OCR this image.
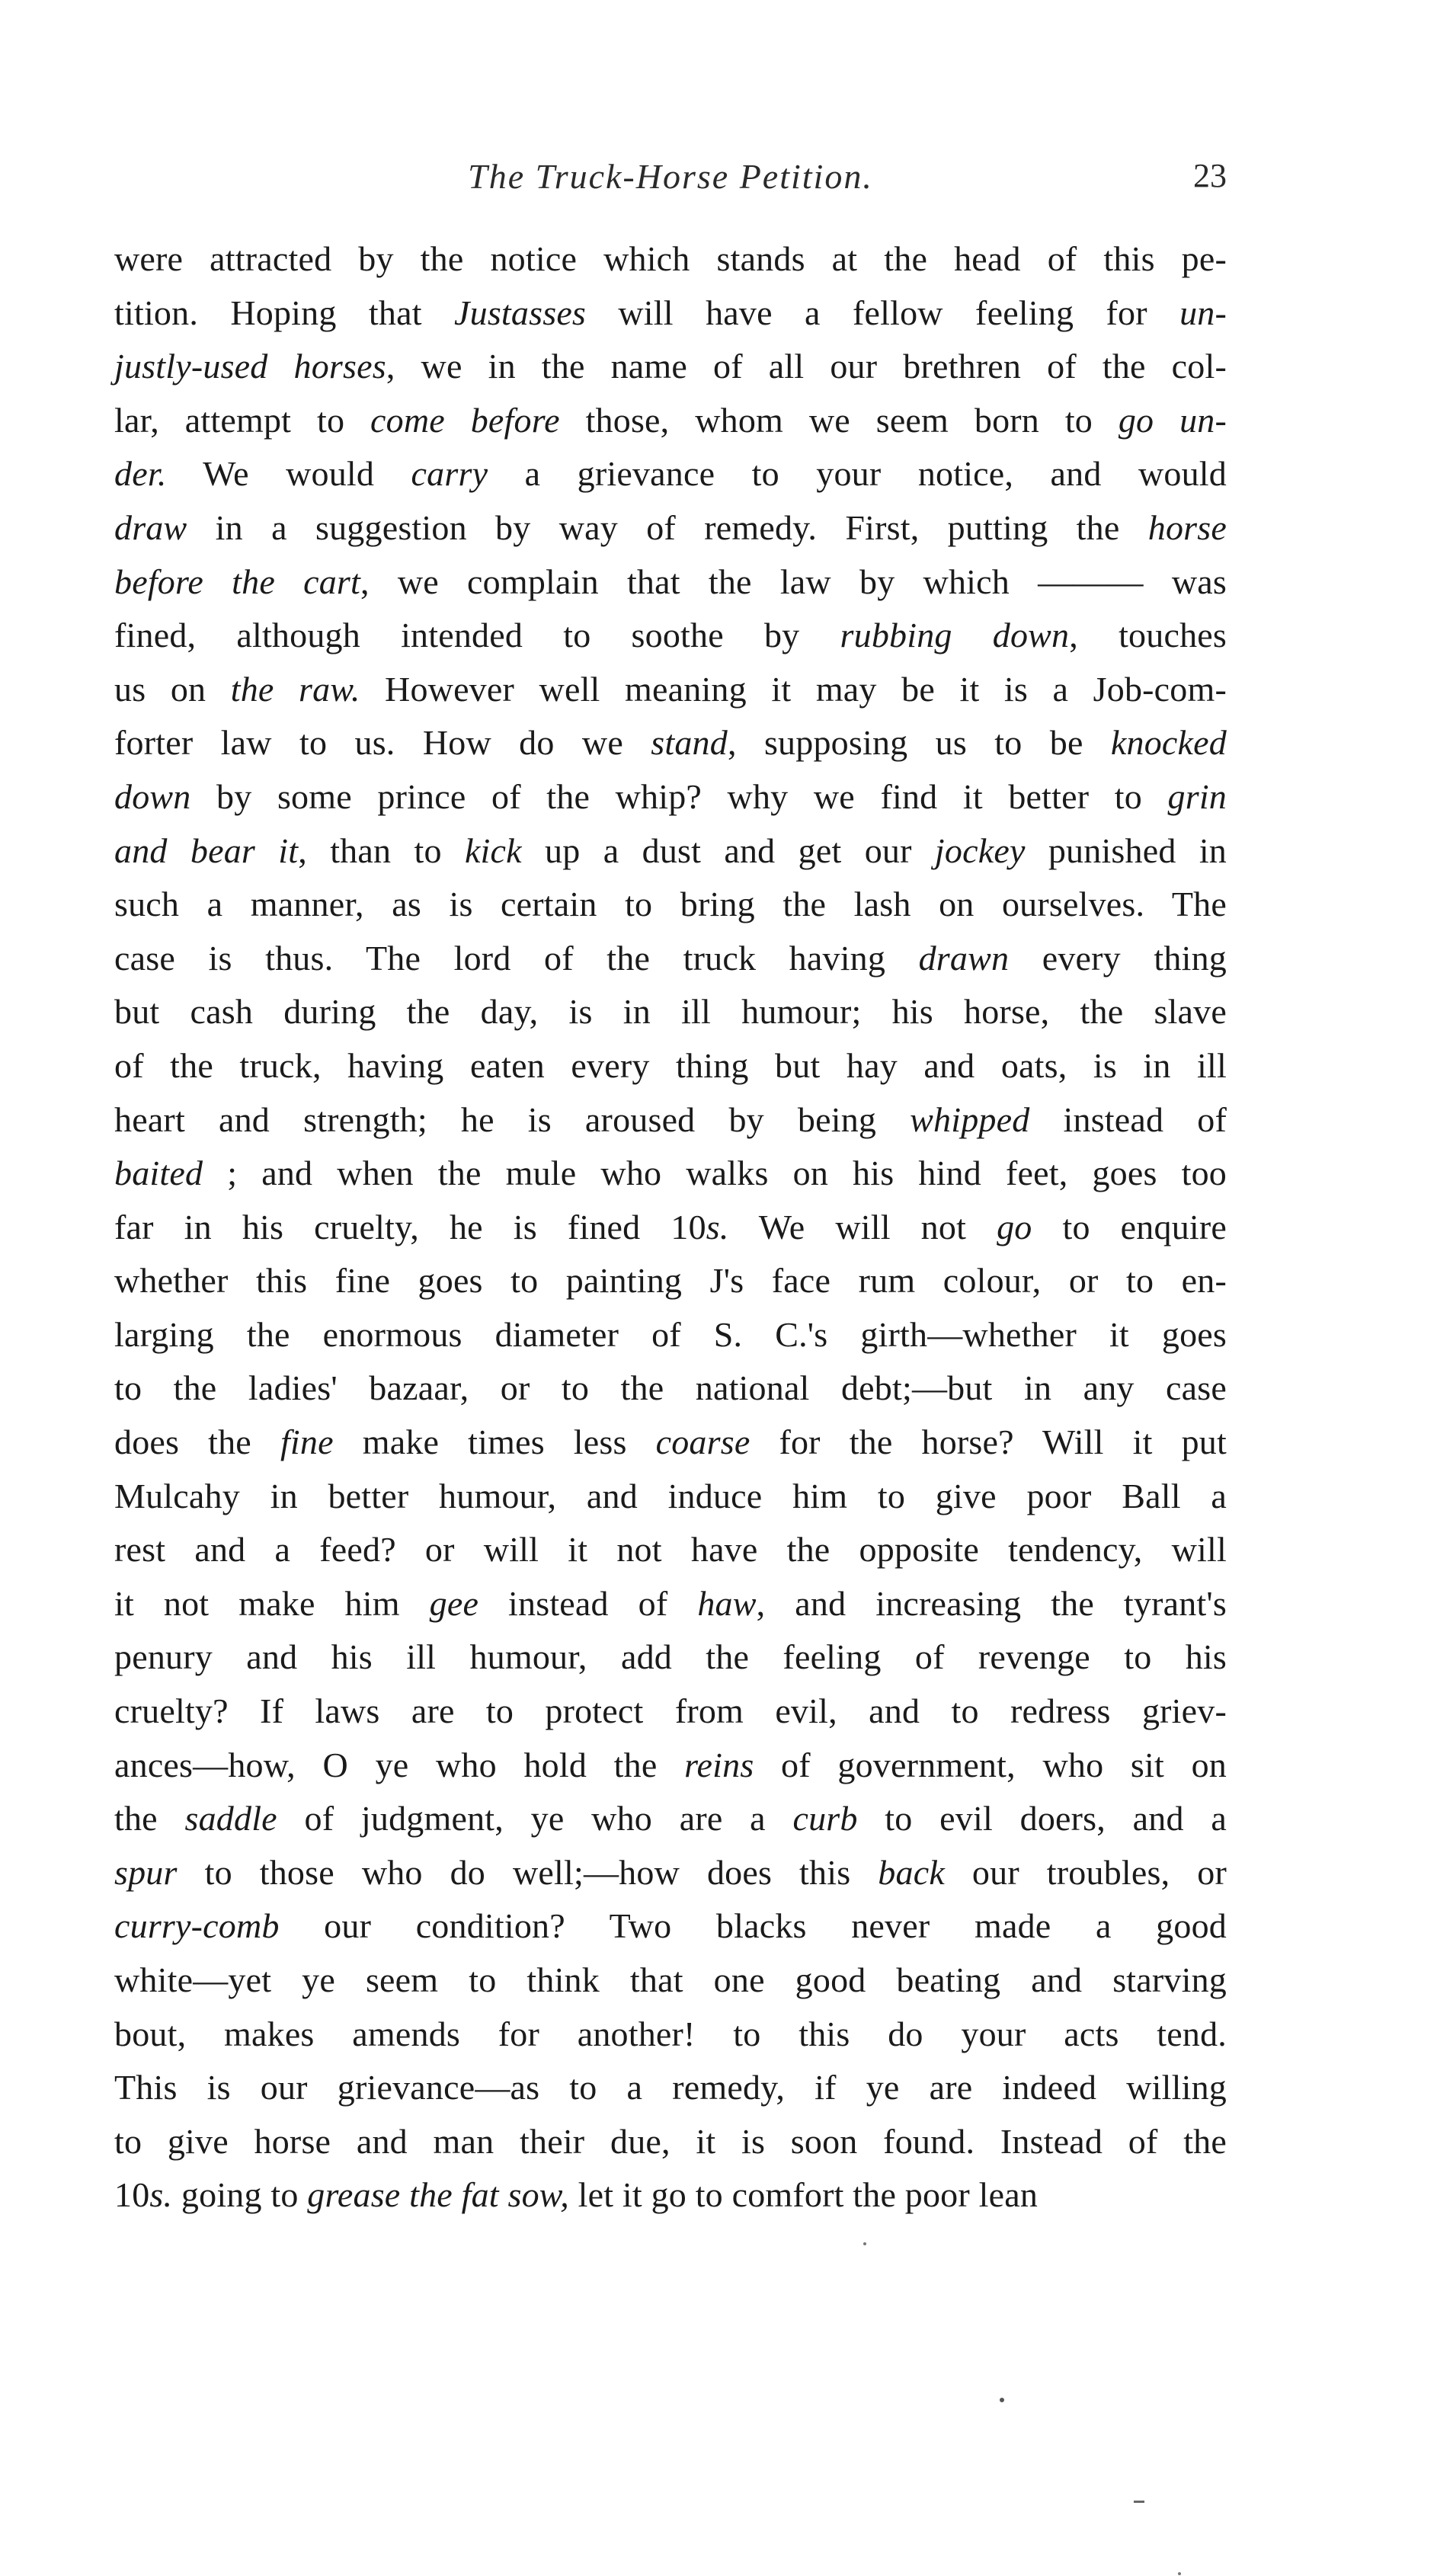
The Truck-Horse Petition.	23
were attracted by the notice which stands at the head of this pe-
tition. Hoping that Justasses will have a fellow feeling for un-
justly-used horses, we in the name of all our brethren of the col-
lar, attempt to come before those, whom we seem born to go un-
der. We would carry a grievance to your notice, and would
draw in a suggestion by way of remedy. First, putting the horse
before the cart, we complain that the law by which ——— was
fined, although intended to soothe by rubbing down, touches
us on the raw. However well meaning it may be it is a Job-com-
forter law to us. How do we stand, supposing us to be knocked
down by some prince of the whip? why we find it better to grin
and bear it, than to kick up a dust and get our jockey punished in
such a manner, as is certain to bring the lash on ourselves. The
case is thus. The lord of the truck having drawn every thing
but cash during the day, is in ill humour; his horse, the slave
of the truck, having eaten every thing but hay and oats, is in ill
heart and strength; he is aroused by being whipped instead of
baited ; and when the mule who walks on his hind feet, goes too
far in his cruelty, he is fined 10s. We will not go to enquire
whether this fine goes to painting J's face rum colour, or to en-
larging the enormous diameter of S. C.'s girth—whether it goes
to the ladies' bazaar, or to the national debt;—but in any case
does the fine make times less coarse for the horse? Will it put
Mulcahy in better humour, and induce him to give poor Ball a
rest and a feed? or will it not have the opposite tendency, will
it not make him gee instead of haw, and increasing the tyrant's
penury and his ill humour, add the feeling of revenge to his
cruelty? If laws are to protect from evil, and to redress griev-
ances—how, O ye who hold the reins of government, who sit on
the saddle of judgment, ye who are a curb to evil doers, and a
spur to those who do well;—how does this back our troubles, or
curry-comb our condition? Two blacks never made a good
white—yet ye seem to think that one good beating and starving
bout, makes amends for another! to this do your acts tend.
This is our grievance—as to a remedy, if ye are indeed willing
to give horse and man their due, it is soon found. Instead of the
10s. going to grease the fat sow, let it go to comfort the poor lean
